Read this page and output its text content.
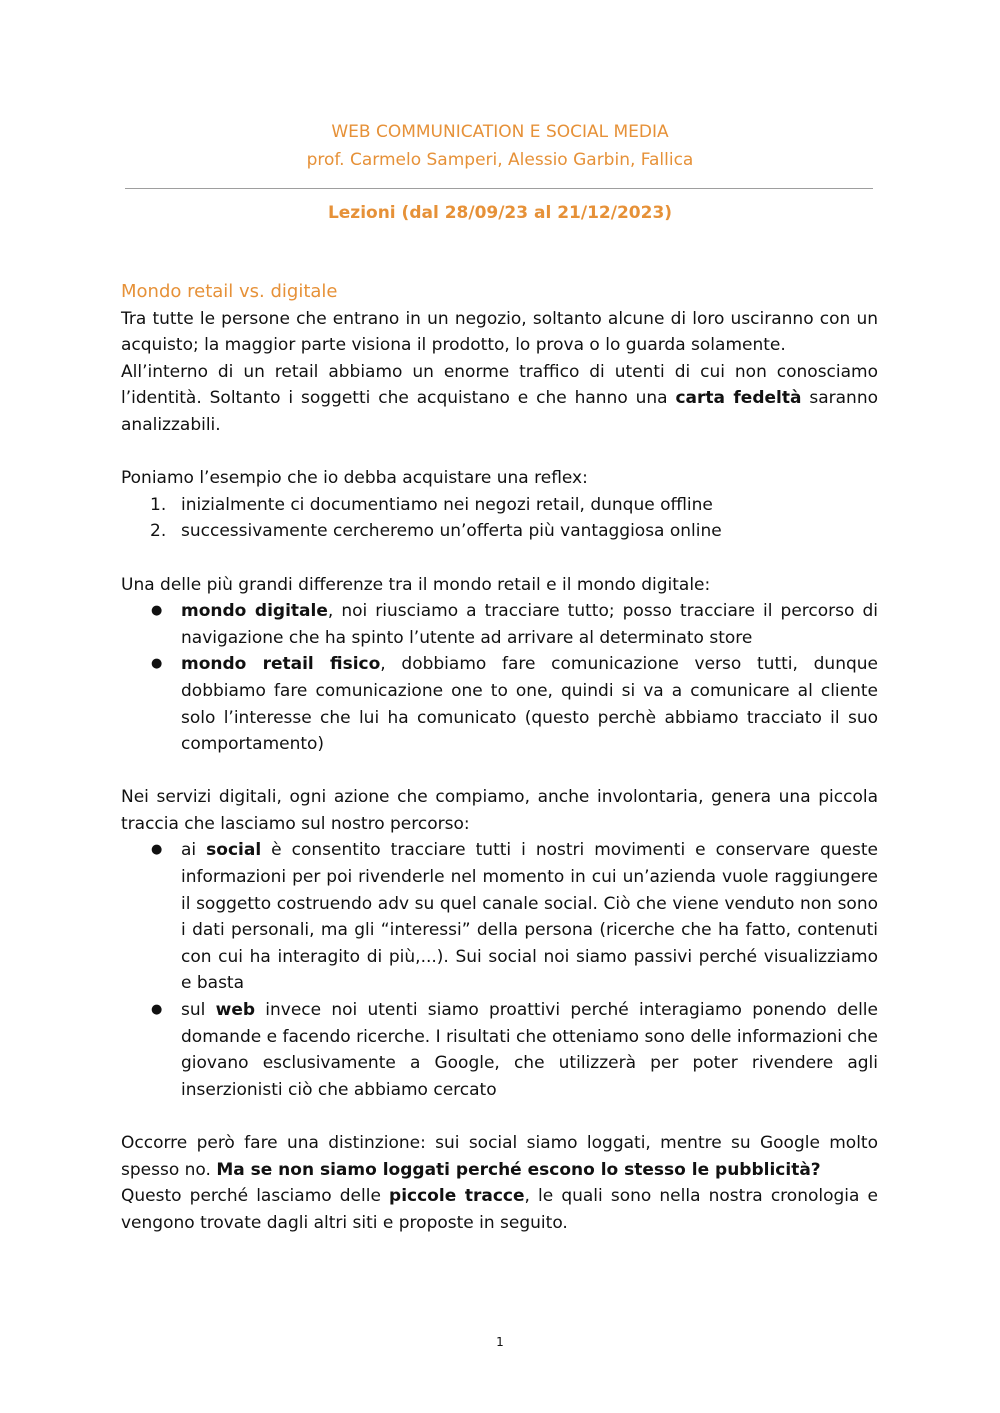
WEB COMMUNICATION E SOCIAL MEDIA
prof. Carmelo Samperi, Alessio Garbin, Fallica
Lezioni (dal 28/09/23 al 21/12/2023)
Mondo retail vs. digitale

Tra tutte le persone che entrano in un negozio, soltanto alcune di loro usciranno con un acquisto; la maggior parte visiona il prodotto, lo prova o lo guarda solamente.

All’interno di un retail abbiamo un enorme traffico di utenti di cui non conosciamo l’identità. Soltanto i soggetti che acquistano e che hanno una carta fedeltà saranno analizzabili.

Poniamo l’esempio che io debba acquistare una reflex:

1. inizialmente ci documentiamo nei negozi retail, dunque offline
2. successivamente cercheremo un’offerta più vantaggiosa online

Una delle più grandi differenze tra il mondo retail e il mondo digitale:

●	mondo digitale, noi riusciamo a tracciare tutto; posso tracciare il percorso di navigazione che ha spinto l’utente ad arrivare al determinato store
●	mondo retail fisico, dobbiamo fare comunicazione verso tutti, dunque dobbiamo fare comunicazione one to one, quindi si va a comunicare al cliente solo l’interesse che lui ha comunicato (questo perchè abbiamo tracciato il suo comportamento)

Nei servizi digitali, ogni azione che compiamo, anche involontaria, genera una piccola traccia che lasciamo sul nostro percorso:

●	ai social è consentito tracciare tutti i nostri movimenti e conservare queste informazioni per poi rivenderle nel momento in cui un’azienda vuole raggiungere il soggetto costruendo adv su quel canale social. Ciò che viene venduto non sono i dati personali, ma gli “interessi” della persona (ricerche che ha fatto, contenuti con cui ha interagito di più,...). Sui social noi siamo passivi perché visualizziamo e basta
●	sul web invece noi utenti siamo proattivi perché interagiamo ponendo delle domande e facendo ricerche. I risultati che otteniamo sono delle informazioni che giovano esclusivamente a Google, che utilizzerà per poter rivendere agli inserzionisti ciò che abbiamo cercato

Occorre però fare una distinzione: sui social siamo loggati, mentre su Google molto spesso no. Ma se non siamo loggati perché escono lo stesso le pubblicità?

Questo perché lasciamo delle piccole tracce, le quali sono nella nostra cronologia e vengono trovate dagli altri siti e proposte in seguito.

1
